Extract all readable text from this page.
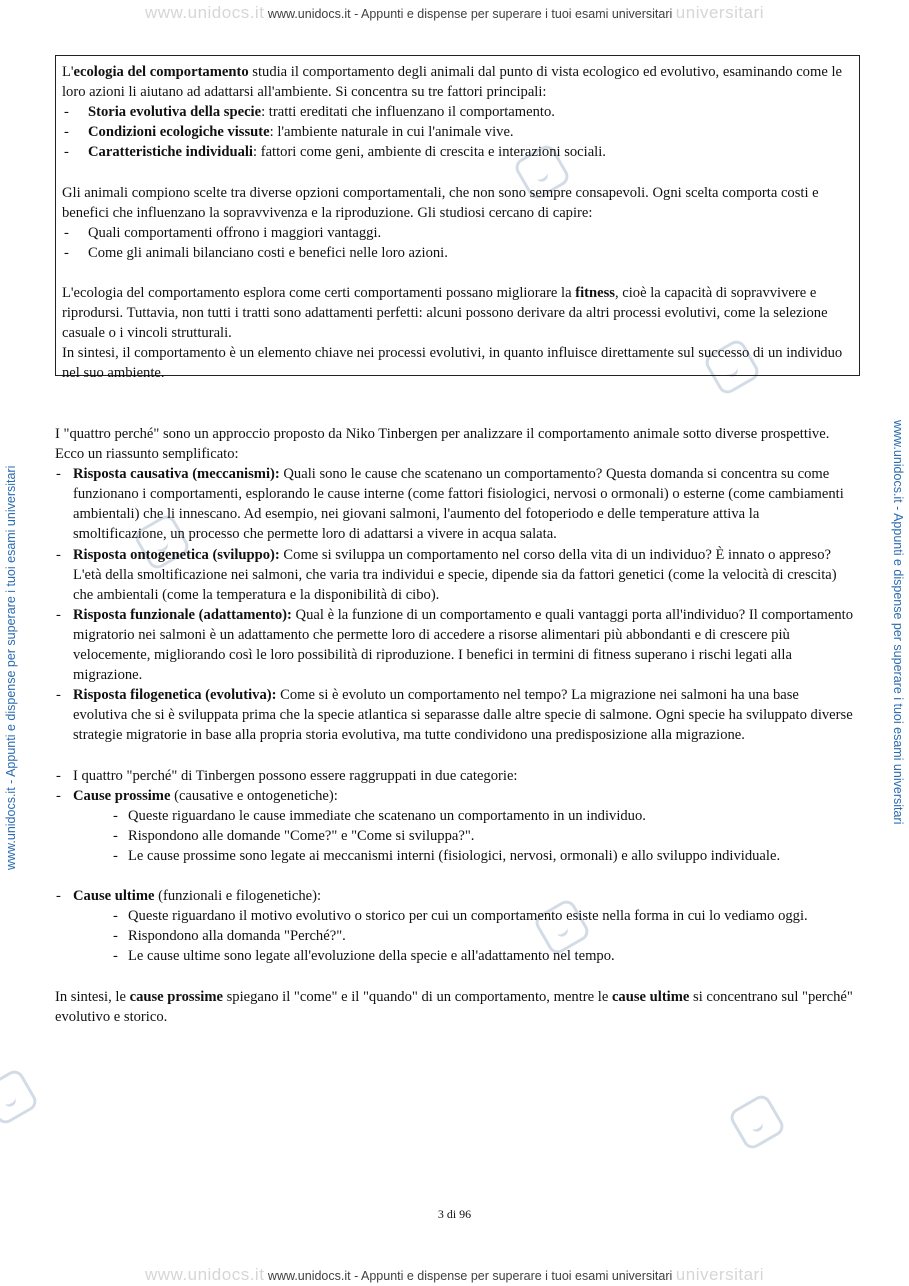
www.unidocs.it www.unidocs.it - Appunti e dispense per superare i tuoi esami universitari universitari
www.unidocs.it www.unidocs.it - Appunti e dispense per superare i tuoi esami universitari universitari
www.unidocs.it - Appunti e dispense per superare i tuoi esami universitari	www.unidocs.it - Appunti e dispense per superare i tuoi esami universitari

L'ecologia del comportamento studia il comportamento degli animali dal punto di vista ecologico ed evolutivo, esaminando come le loro azioni li aiutano ad adattarsi all'ambiente. Si concentra su tre fattori principali:

- Storia evolutiva della specie: tratti ereditati che influenzano il comportamento.
- Condizioni ecologiche vissute: l'ambiente naturale in cui l'animale vive.
- Caratteristiche individuali: fattori come geni, ambiente di crescita e interazioni sociali.

Gli animali compiono scelte tra diverse opzioni comportamentali, che non sono sempre consapevoli. Ogni scelta comporta costi e benefici che influenzano la sopravvivenza e la riproduzione. Gli studiosi cercano di capire:

- Quali comportamenti offrono i maggiori vantaggi.
- Come gli animali bilanciano costi e benefici nelle loro azioni.

L'ecologia del comportamento esplora come certi comportamenti possano migliorare la fitness, cioè la capacità di sopravvivere e riprodursi. Tuttavia, non tutti i tratti sono adattamenti perfetti: alcuni possono derivare da altri processi evolutivi, come la selezione casuale o i vincoli strutturali.

In sintesi, il comportamento è un elemento chiave nei processi evolutivi, in quanto influisce direttamente sul successo di un individuo nel suo ambiente.

I "quattro perché" sono un approccio proposto da Niko Tinbergen per analizzare il comportamento animale sotto diverse prospettive. Ecco un riassunto semplificato:

- Risposta causativa (meccanismi): Quali sono le cause che scatenano un comportamento? Questa domanda si concentra su come funzionano i comportamenti, esplorando le cause interne (come fattori fisiologici, nervosi o ormonali) o esterne (come cambiamenti ambientali) che li innescano. Ad esempio, nei giovani salmoni, l'aumento del fotoperiodo e delle temperature attiva la smoltificazione, un processo che permette loro di adattarsi a vivere in acqua salata.
- Risposta ontogenetica (sviluppo): Come si sviluppa un comportamento nel corso della vita di un individuo? È innato o appreso? L'età della smoltificazione nei salmoni, che varia tra individui e specie, dipende sia da fattori genetici (come la velocità di crescita) che ambientali (come la temperatura e la disponibilità di cibo).
- Risposta funzionale (adattamento): Qual è la funzione di un comportamento e quali vantaggi porta all'individuo? Il comportamento migratorio nei salmoni è un adattamento che permette loro di accedere a risorse alimentari più abbondanti e di crescere più velocemente, migliorando così le loro possibilità di riproduzione. I benefici in termini di fitness superano i rischi legati alla migrazione.
- Risposta filogenetica (evolutiva): Come si è evoluto un comportamento nel tempo? La migrazione nei salmoni ha una base evolutiva che si è sviluppata prima che la specie atlantica si separasse dalle altre specie di salmone. Ogni specie ha sviluppato diverse strategie migratorie in base alla propria storia evolutiva, ma tutte condividono una predisposizione alla migrazione.
- I quattro "perché" di Tinbergen possono essere raggruppati in due categorie:
- Cause prossime (causative e ontogenetiche):
- Queste riguardano le cause immediate che scatenano un comportamento in un individuo.
- Rispondono alle domande "Come?" e "Come si sviluppa?".
- Le cause prossime sono legate ai meccanismi interni (fisiologici, nervosi, ormonali) e allo sviluppo individuale.
- Cause ultime (funzionali e filogenetiche):
- Queste riguardano il motivo evolutivo o storico per cui un comportamento esiste nella forma in cui lo vediamo oggi.
- Rispondono alla domanda "Perché?".
- Le cause ultime sono legate all'evoluzione della specie e all'adattamento nel tempo.

In sintesi, le cause prossime spiegano il "come" e il "quando" di un comportamento, mentre le cause ultime si concentrano sul "perché" evolutivo e storico.

3 di 96
